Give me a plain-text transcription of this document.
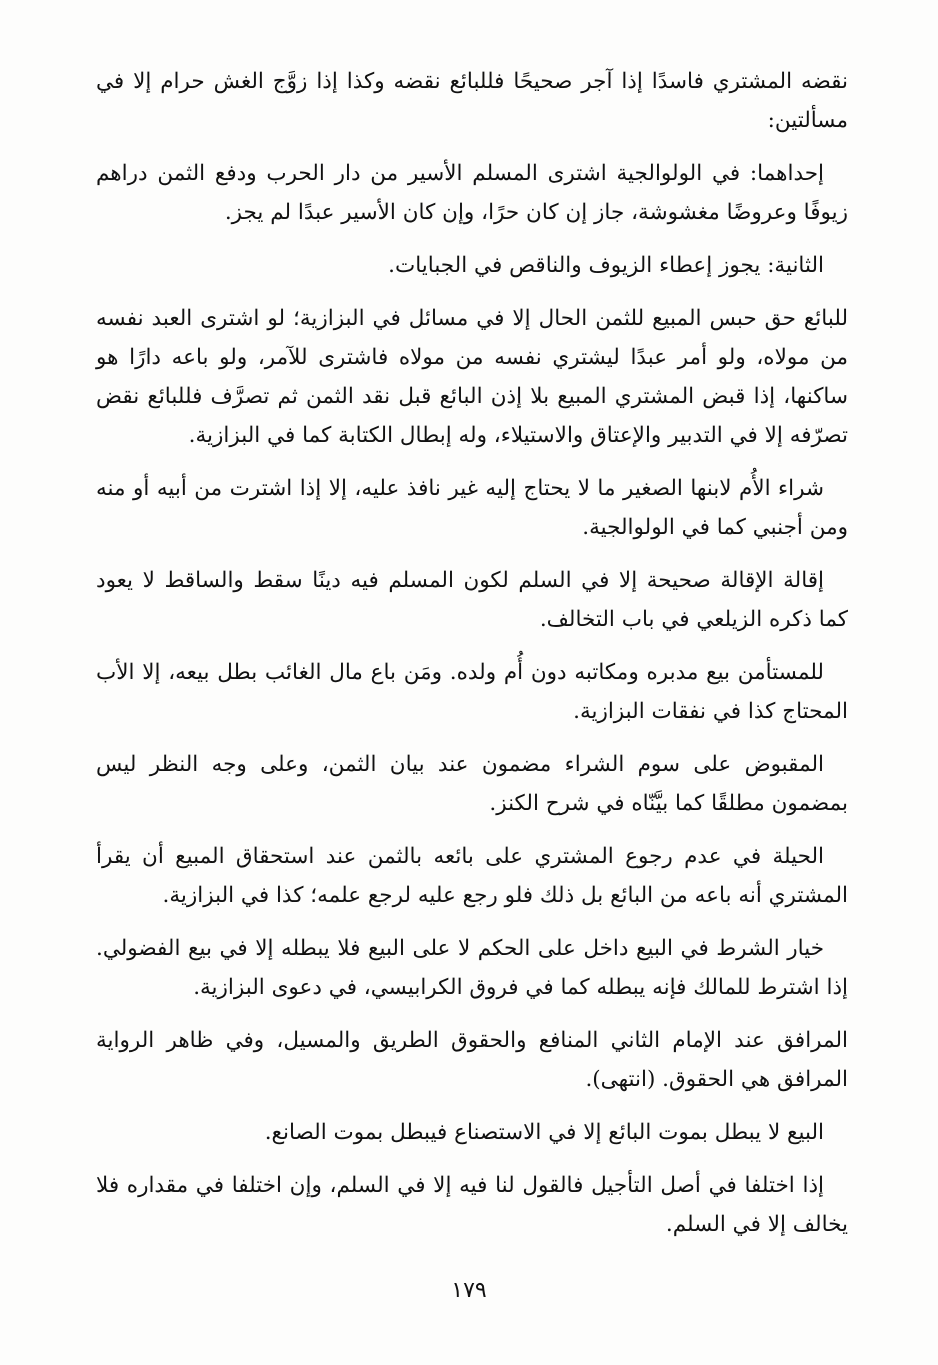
نقضه المشتري فاسدًا إذا آجر صحيحًا فللبائع نقضه وكذا إذا زوَّج الغش حرام إلا في مسألتين:

إحداهما: في الولوالجية اشترى المسلم الأسير من دار الحرب ودفع الثمن دراهم زيوفًا وعروضًا مغشوشة، جاز إن كان حرًا، وإن كان الأسير عبدًا لم يجز.

الثانية: يجوز إعطاء الزيوف والناقص في الجبايات.

للبائع حق حبس المبيع للثمن الحال إلا في مسائل في البزازية؛ لو اشترى العبد نفسه من مولاه، ولو أمر عبدًا ليشتري نفسه من مولاه فاشترى للآمر، ولو باعه دارًا هو ساكنها، إذا قبض المشتري المبيع بلا إذن البائع قبل نقد الثمن ثم تصرَّف فللبائع نقض تصرّفه إلا في التدبير والإعتاق والاستيلاء، وله إبطال الكتابة كما في البزازية.

شراء الأُم لابنها الصغير ما لا يحتاج إليه غير نافذ عليه، إلا إذا اشترت من أبيه أو منه ومن أجنبي كما في الولوالجية.

إقالة الإقالة صحيحة إلا في السلم لكون المسلم فيه دينًا سقط والساقط لا يعود كما ذكره الزيلعي في باب التخالف.

للمستأمن بيع مدبره ومكاتبه دون أُم ولده. ومَن باع مال الغائب بطل بيعه، إلا الأب المحتاج كذا في نفقات البزازية.

المقبوض على سوم الشراء مضمون عند بيان الثمن، وعلى وجه النظر ليس بمضمون مطلقًا كما بيَّنّاه في شرح الكنز.

الحيلة في عدم رجوع المشتري على بائعه بالثمن عند استحقاق المبيع أن يقرأ المشتري أنه باعه من البائع بل ذلك فلو رجع عليه لرجع علمه؛ كذا في البزازية.

خيار الشرط في البيع داخل على الحكم لا على البيع فلا يبطله إلا في بيع الفضولي. إذا اشترط للمالك فإنه يبطله كما في فروق الكرابيسي، في دعوى البزازية.

المرافق عند الإمام الثاني المنافع والحقوق الطريق والمسيل، وفي ظاهر الرواية المرافق هي الحقوق. (انتهى).

البيع لا يبطل بموت البائع إلا في الاستصناع فيبطل بموت الصانع.

إذا اختلفا في أصل التأجيل فالقول لنا فيه إلا في السلم، وإن اختلفا في مقداره فلا يخالف إلا في السلم.

١٧٩
